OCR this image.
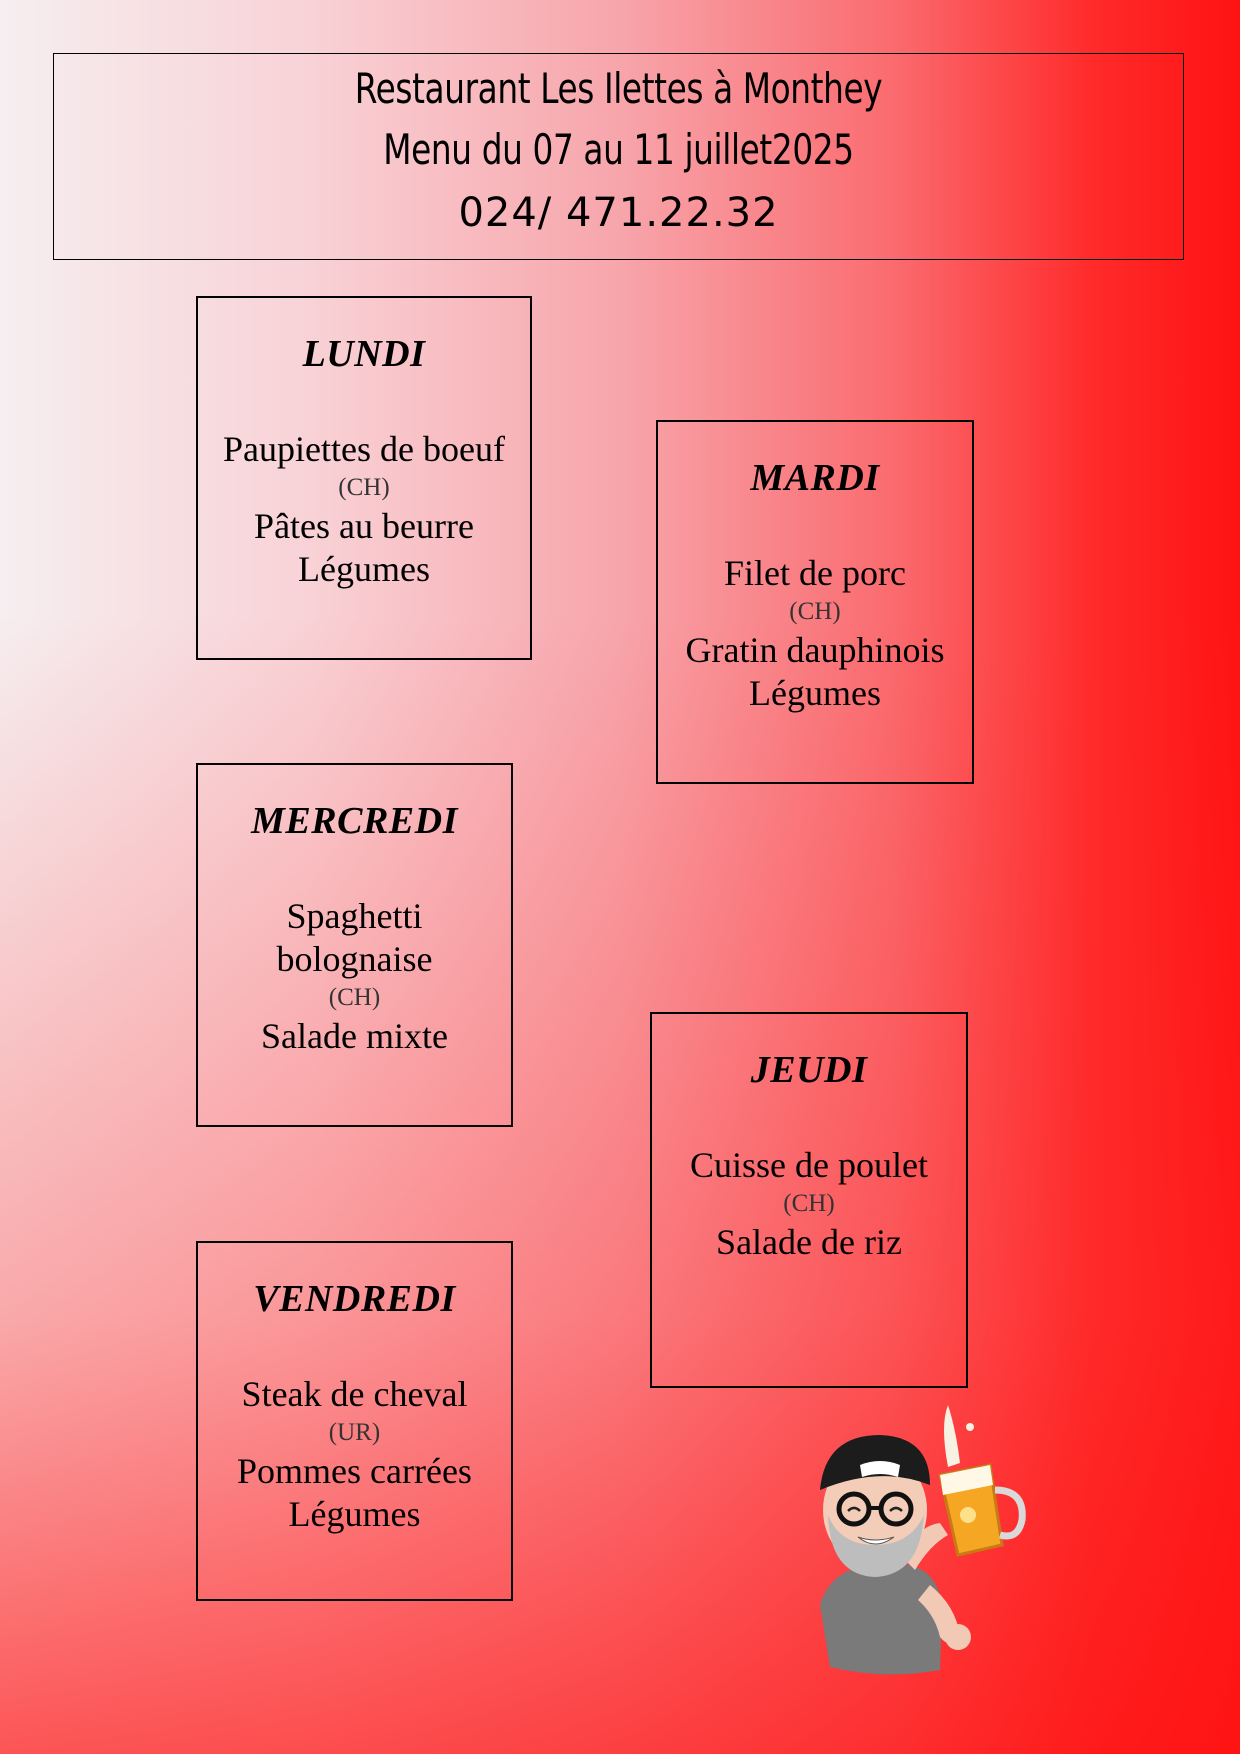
Restaurant Les Ilettes à Monthey
Menu du 07 au 11 juillet2025
024/ 471.22.32
LUNDI
Paupiettes de boeuf
(CH)
Pâtes au beurre
Légumes
MARDI
Filet de porc
(CH)
Gratin dauphinois
Légumes
MERCREDI
Spaghetti
bolognaise
(CH)
Salade mixte
JEUDI
Cuisse de poulet
(CH)
Salade de riz
VENDREDI
Steak de cheval
(UR)
Pommes carrées
Légumes
